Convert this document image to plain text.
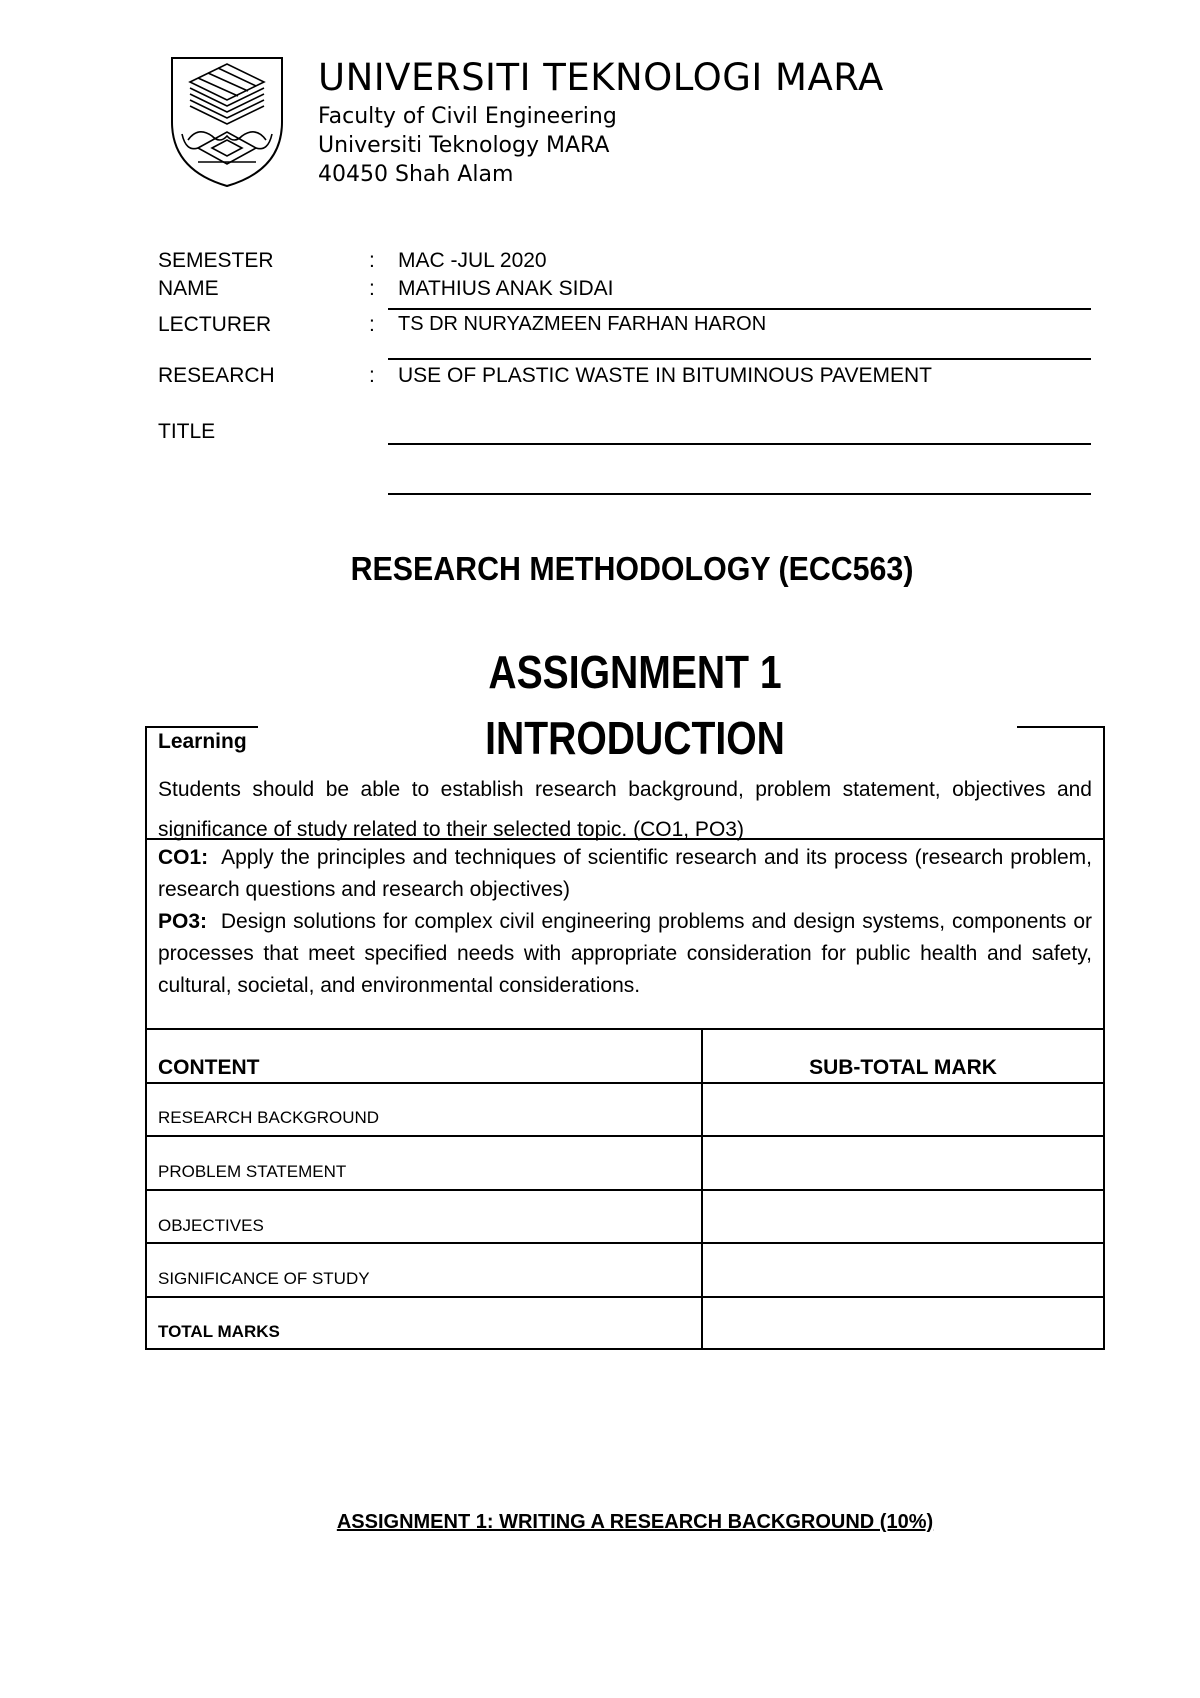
UNIVERSITI TEKNOLOGI MARA
Faculty of Civil Engineering
Universiti Teknology MARA
40450 Shah Alam
SEMESTER	: MAC -JUL 2020
NAME	: MATHIUS ANAK SIDAI
LECTURER	: TS DR NURYAZMEEN FARHAN HARON
RESEARCH	: USE OF PLASTIC WASTE IN BITUMINOUS PAVEMENT
TITLE
RESEARCH METHODOLOGY (ECC563)
ASSIGNMENT 1
INTRODUCTION
Learning
Students should be able to establish research background, problem statement, objectives and significance of study related to their selected topic. (CO1, PO3)
CO1: Apply the principles and techniques of scientific research and its process (research problem, research questions and research objectives)
PO3: Design solutions for complex civil engineering problems and design systems, components or processes that meet specified needs with appropriate consideration for public health and safety, cultural, societal, and environmental considerations.
CONTENT	SUB-TOTAL MARK
RESEARCH BACKGROUND
PROBLEM STATEMENT
OBJECTIVES
SIGNIFICANCE OF STUDY
TOTAL MARKS
ASSIGNMENT 1: WRITING A RESEARCH BACKGROUND (10%)
